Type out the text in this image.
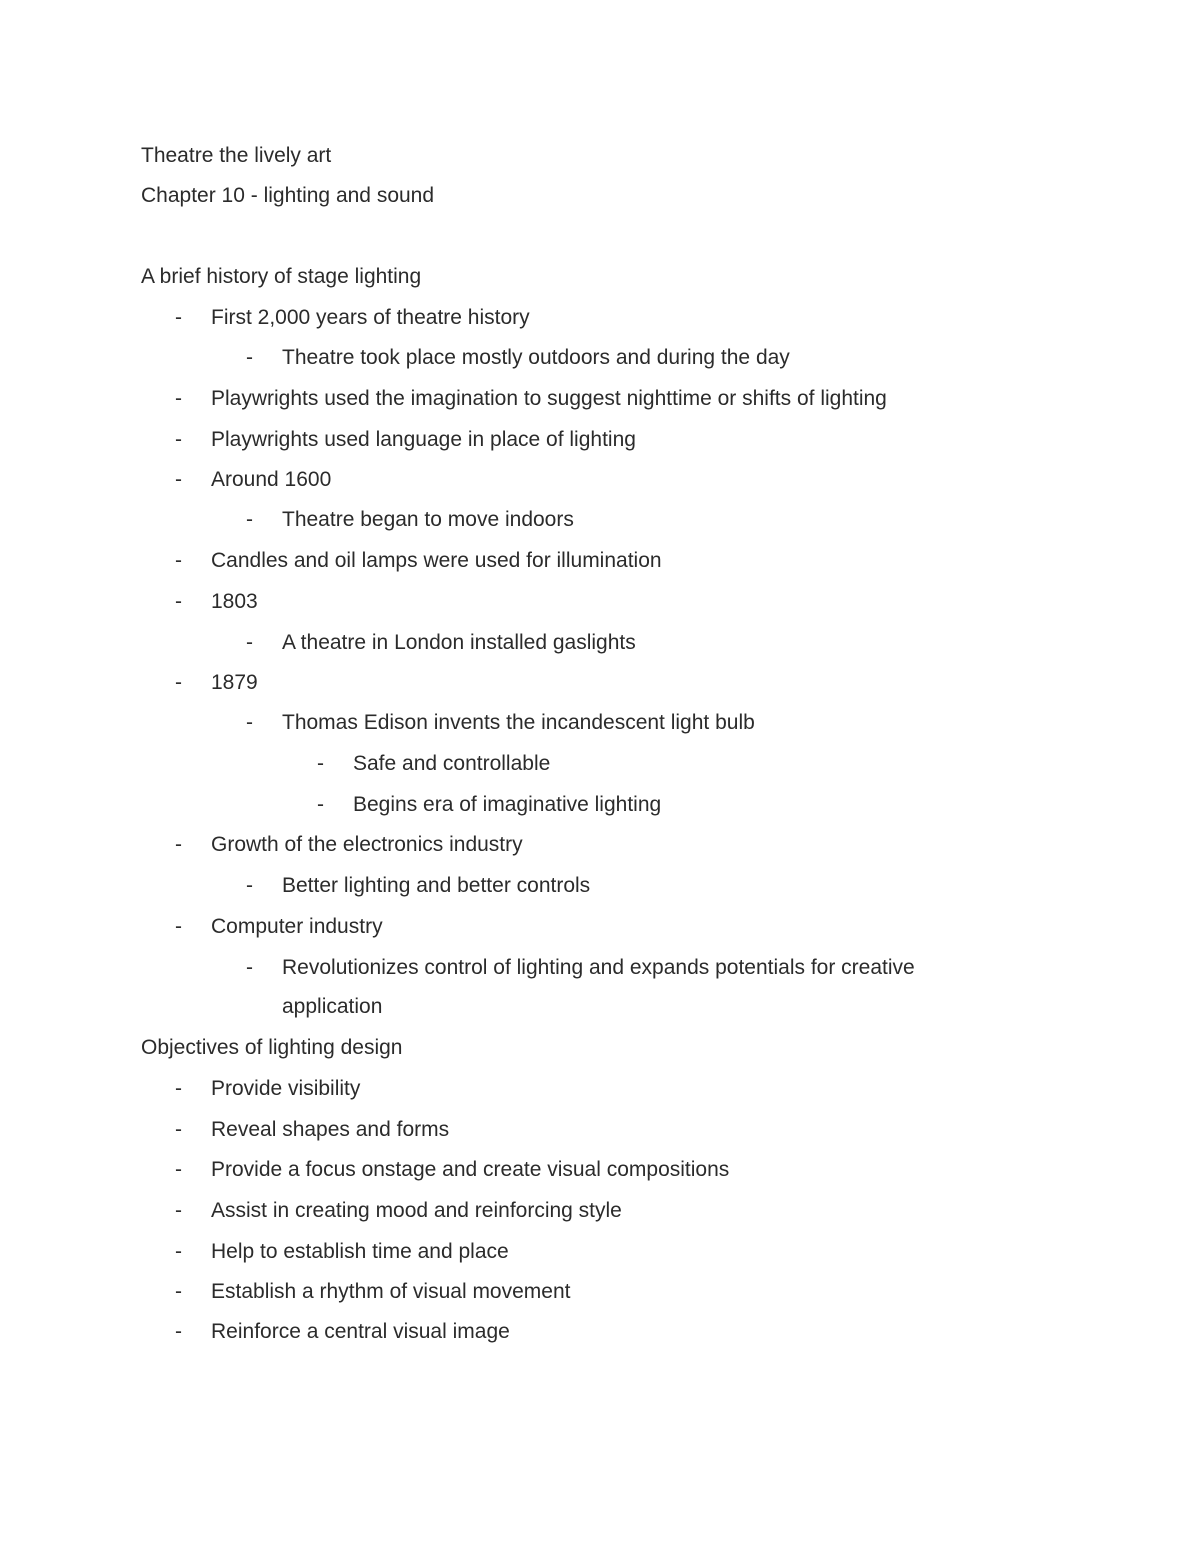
Theatre the lively art
Chapter 10 - lighting and sound
A brief history of stage lighting
- First 2,000 years of theatre history
- Theatre took place mostly outdoors and during the day
- Playwrights used the imagination to suggest nighttime or shifts of lighting
- Playwrights used language in place of lighting
- Around 1600
- Theatre began to move indoors
- Candles and oil lamps were used for illumination
- 1803
- A theatre in London installed gaslights
- 1879
- Thomas Edison invents the incandescent light bulb
- Safe and controllable
- Begins era of imaginative lighting
- Growth of the electronics industry
- Better lighting and better controls
- Computer industry
- Revolutionizes control of lighting and expands potentials for creative
application
Objectives of lighting design
- Provide visibility
- Reveal shapes and forms
- Provide a focus onstage and create visual compositions
- Assist in creating mood and reinforcing style
- Help to establish time and place
- Establish a rhythm of visual movement
- Reinforce a central visual image
